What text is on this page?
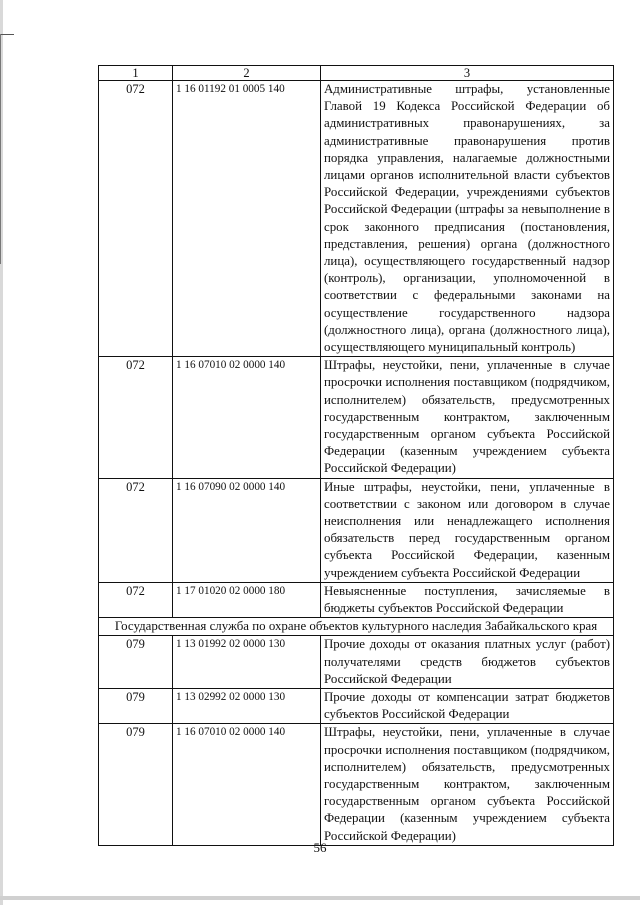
1	2	3
072	1 16 01192 01 0005 140	Административные штрафы, установленные Главой 19 Кодекса Российской Федерации об административных правонарушениях, за административные правонарушения против порядка управления, налагаемые должностными лицами органов исполнительной власти субъектов Российской Федерации, учреждениями субъектов Российской Федерации (штрафы за невыполнение в срок законного предписания (постановления, представления, решения) органа (должностного лица), осуществляющего государственный надзор (контроль), организации, уполномоченной в соответствии с федеральными законами на осуществление государственного надзора (должностного лица), органа (должностного лица), осуществляющего муниципальный контроль)
072	1 16 07010 02 0000 140	Штрафы, неустойки, пени, уплаченные в случае просрочки исполнения поставщиком (подрядчиком, исполнителем) обязательств, предусмотренных государственным контрактом, заключенным государственным органом субъекта Российской Федерации (казенным учреждением субъекта Российской Федерации)
072	1 16 07090 02 0000 140	Иные штрафы, неустойки, пени, уплаченные в соответствии с законом или договором в случае неисполнения или ненадлежащего исполнения обязательств перед государственным органом субъекта Российской Федерации, казенным учреждением субъекта Российской Федерации
072	1 17 01020 02 0000 180	Невыясненные поступления, зачисляемые в бюджеты субъектов Российской Федерации
Государственная служба по охране объектов культурного наследия Забайкальского края		
079	1 13 01992 02 0000 130	Прочие доходы от оказания платных услуг (работ) получателями средств бюджетов субъектов Российской Федерации
079	1 13 02992 02 0000 130	Прочие доходы от компенсации затрат бюджетов субъектов Российской Федерации
079	1 16 07010 02 0000 140	Штрафы, неустойки, пени, уплаченные в случае просрочки исполнения поставщиком (подрядчиком, исполнителем) обязательств, предусмотренных государственным контрактом, заключенным государственным органом субъекта Российской Федерации (казенным учреждением субъекта Российской Федерации)
56
